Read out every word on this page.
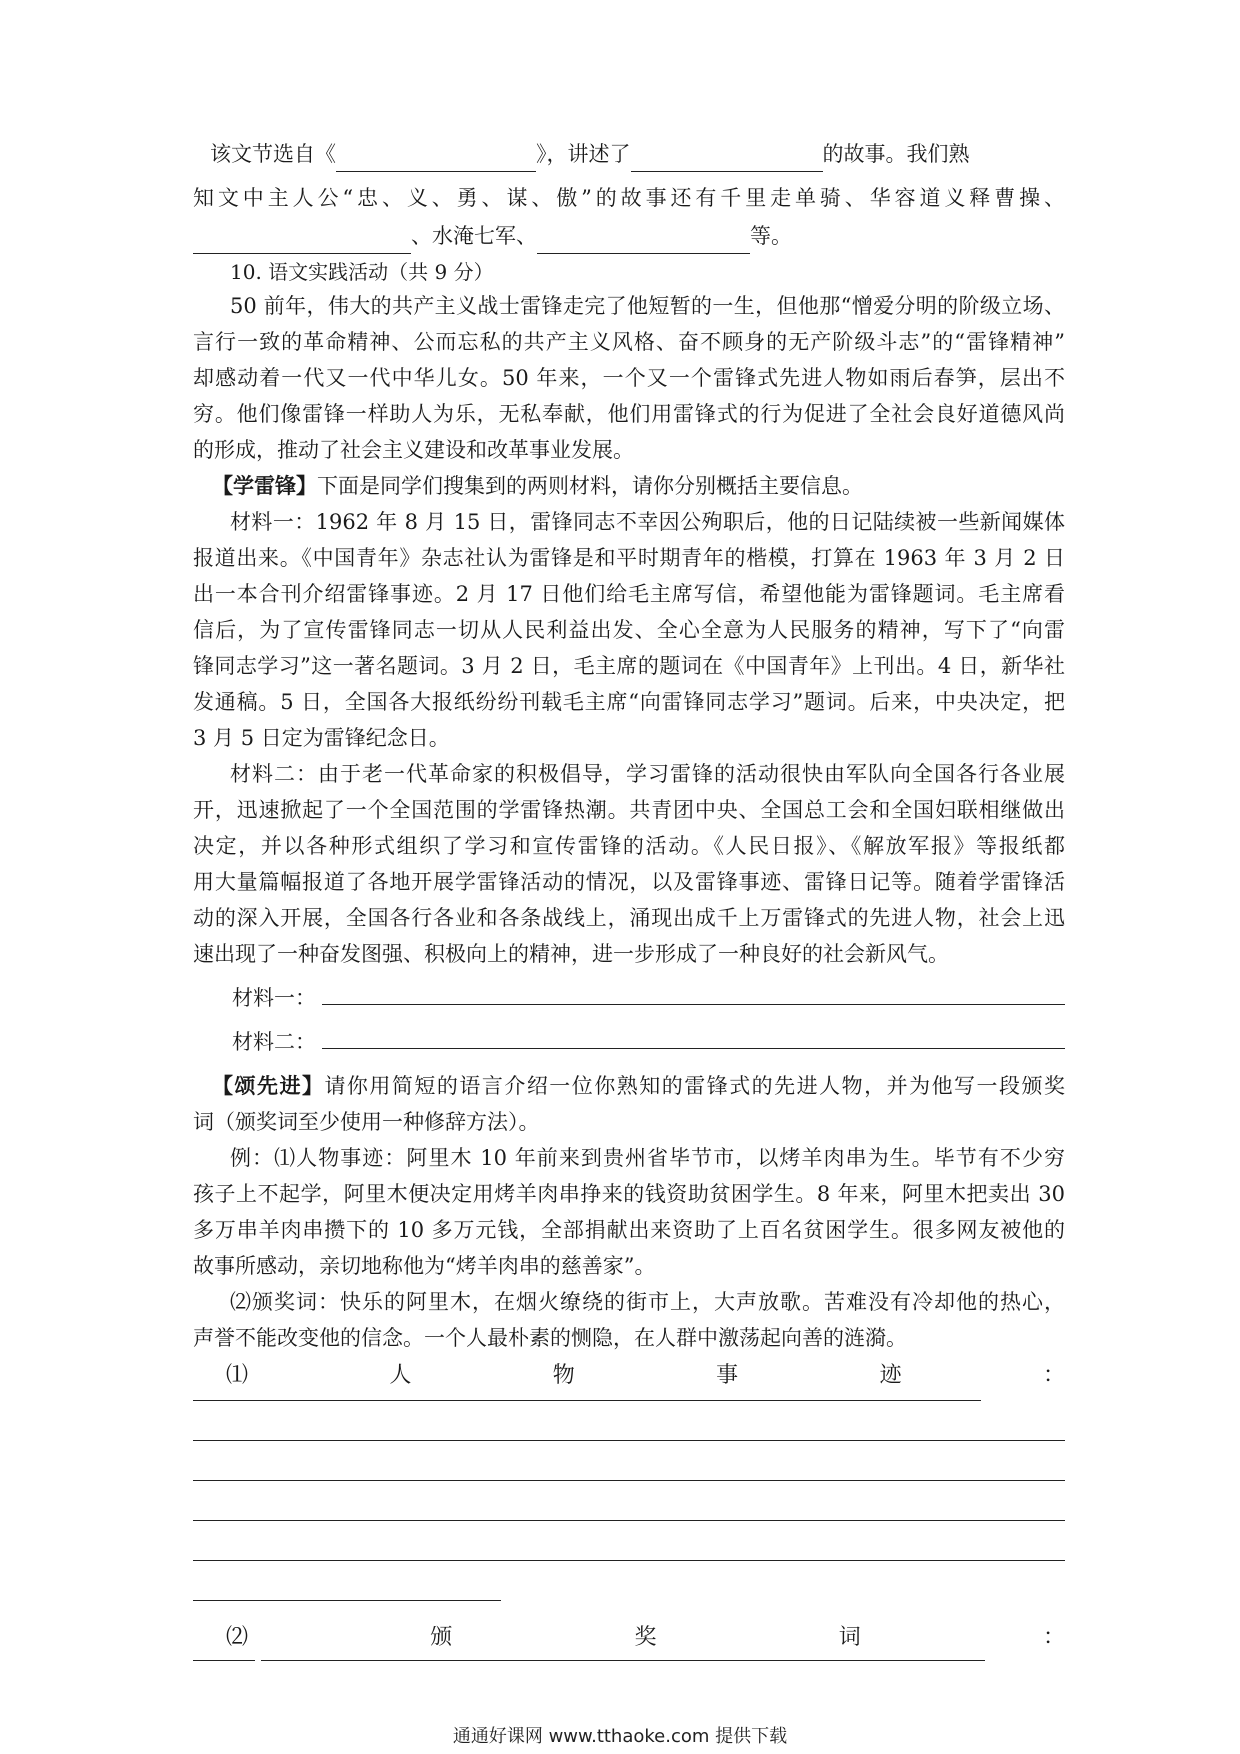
该文节选自《	》，讲述了	的故事。我们熟
知文中主人公“忠、义、勇、谋、傲”的故事还有千里走单骑、华容道义释曹操、
、水淹七军、	等。
10. 语文实践活动（共 9 分）
50 前年，伟大的共产主义战士雷锋走完了他短暂的一生，但他那“憎爱分明的阶级立场、
言行一致的革命精神、公而忘私的共产主义风格、奋不顾身的无产阶级斗志”的“雷锋精神”
却感动着一代又一代中华儿女。50 年来，一个又一个雷锋式先进人物如雨后春笋，层出不
穷。他们像雷锋一样助人为乐，无私奉献，他们用雷锋式的行为促进了全社会良好道德风尚
的形成，推动了社会主义建设和改革事业发展。
【学雷锋】下面是同学们搜集到的两则材料，请你分别概括主要信息。
材料一：1962 年 8 月 15 日，雷锋同志不幸因公殉职后，他的日记陆续被一些新闻媒体
报道出来。《中国青年》杂志社认为雷锋是和平时期青年的楷模，打算在 1963 年 3 月 2 日
出一本合刊介绍雷锋事迹。2 月 17 日他们给毛主席写信，希望他能为雷锋题词。毛主席看
信后，为了宣传雷锋同志一切从人民利益出发、全心全意为人民服务的精神，写下了“向雷
锋同志学习”这一著名题词。3 月 2 日，毛主席的题词在《中国青年》上刊出。4 日，新华社
发通稿。5 日，全国各大报纸纷纷刊载毛主席“向雷锋同志学习”题词。后来，中央决定，把
3 月 5 日定为雷锋纪念日。
材料二：由于老一代革命家的积极倡导，学习雷锋的活动很快由军队向全国各行各业展
开，迅速掀起了一个全国范围的学雷锋热潮。共青团中央、全国总工会和全国妇联相继做出
决定，并以各种形式组织了学习和宣传雷锋的活动。《人民日报》、《解放军报》等报纸都
用大量篇幅报道了各地开展学雷锋活动的情况，以及雷锋事迹、雷锋日记等。随着学雷锋活
动的深入开展，全国各行各业和各条战线上，涌现出成千上万雷锋式的先进人物，社会上迅
速出现了一种奋发图强、积极向上的精神，进一步形成了一种良好的社会新风气。
材料一：
材料二：
【颂先进】请你用简短的语言介绍一位你熟知的雷锋式的先进人物，并为他写一段颁奖
词（颁奖词至少使用一种修辞方法）。
例：⑴人物事迹：阿里木 10 年前来到贵州省毕节市，以烤羊肉串为生。毕节有不少穷
孩子上不起学，阿里木便决定用烤羊肉串挣来的钱资助贫困学生。8 年来，阿里木把卖出 30
多万串羊肉串攒下的 10 多万元钱，全部捐献出来资助了上百名贫困学生。很多网友被他的
故事所感动，亲切地称他为“烤羊肉串的慈善家”。
⑵颁奖词：快乐的阿里木，在烟火缭绕的街市上，大声放歌。苦难没有冷却他的热心，
声誉不能改变他的信念。一个人最朴素的恻隐，在人群中激荡起向善的涟漪。
⑴	人	物	事	迹	：
⑵	颁	奖	词	：
通通好课网 www.tthaoke.com 提供下载
